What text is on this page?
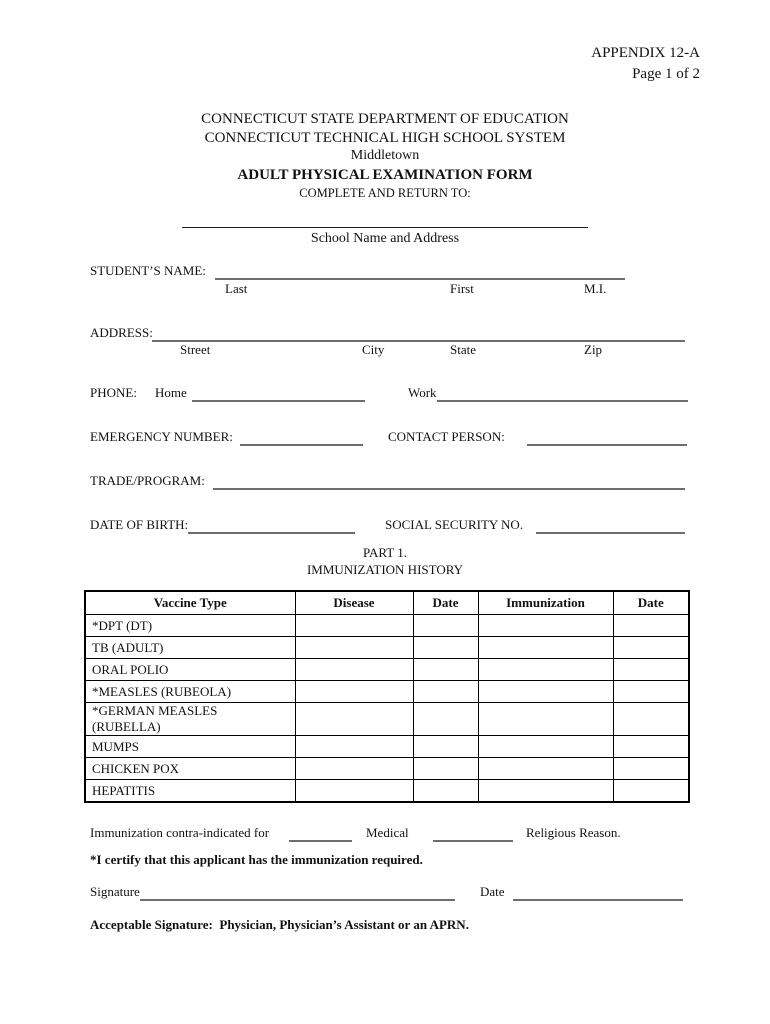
APPENDIX 12-A
Page 1 of 2
CONNECTICUT STATE DEPARTMENT OF EDUCATION
CONNECTICUT TECHNICAL HIGH SCHOOL SYSTEM
Middletown
ADULT PHYSICAL EXAMINATION FORM
COMPLETE AND RETURN TO:
School Name and Address
STUDENT’S NAME:
Last	First	M.I.
ADDRESS:
Street	City	State	Zip
PHONE: Home	Work
EMERGENCY NUMBER:	CONTACT PERSON:
TRADE/PROGRAM:
DATE OF BIRTH:	SOCIAL SECURITY NO.
PART 1.
IMMUNIZATION HISTORY
Vaccine Type	Disease	Date	Immunization	Date
*DPT (DT)				
TB (ADULT)				
ORAL POLIO				
*MEASLES (RUBEOLA)				
*GERMAN MEASLES (RUBELLA)				
MUMPS				
CHICKEN POX				
HEPATITIS				
Immunization contra-indicated for	Medical	Religious Reason.
*I certify that this applicant has the immunization required.
Signature	Date
Acceptable Signature:  Physician, Physician’s Assistant or an APRN.
